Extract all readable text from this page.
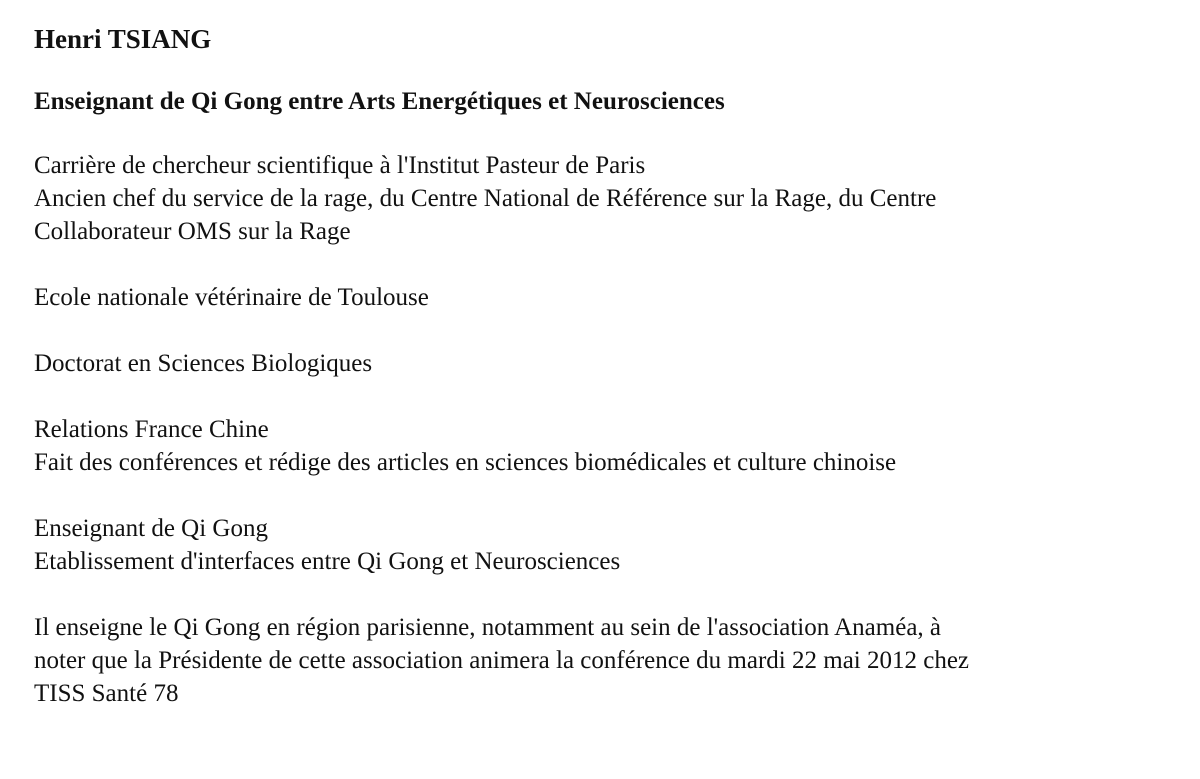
Henri TSIANG
Enseignant de Qi Gong entre Arts Energétiques et Neurosciences

Carrière de chercheur scientifique à l'Institut Pasteur de Paris

Ancien chef du service de la rage, du Centre National de Référence sur la Rage, du Centre

Collaborateur OMS sur la Rage

Ecole nationale vétérinaire de Toulouse

Doctorat en Sciences Biologiques

Relations France Chine

Fait des conférences et rédige des articles en sciences biomédicales et culture chinoise

Enseignant de Qi Gong

Etablissement d'interfaces entre Qi Gong et Neurosciences

Il enseigne le Qi Gong en région parisienne, notamment au sein de l'association Anaméa, à

noter que la Présidente de cette association animera la conférence du mardi 22 mai 2012 chez

TISS Santé 78
